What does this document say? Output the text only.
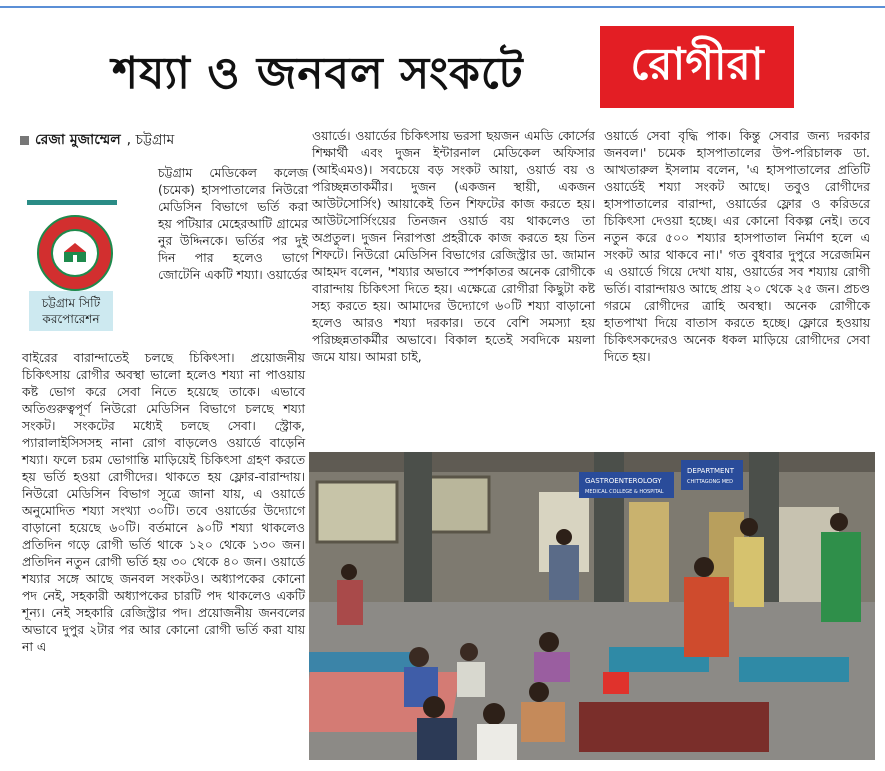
শয্যা ও জনবল সংকটে রোগীরা
রেজা মুজাম্মেল , চট্টগ্রাম
চট্টগ্রাম সিটি করপোরেশন

চট্টগ্রাম মেডিকেল কলেজ (চমেক) হাসপাতালের নিউরো মেডিসিন বিভাগে ভর্তি করা হয় পটিয়ার মেহেরআটি গ্রামের নুর উদ্দিনকে। ভর্তির পর দুই দিন পার হলেও ভাগে জোটেনি একটি শয্যা। ওয়ার্ডের

বাইরের বারান্দাতেই চলছে চিকিৎসা। প্রয়োজনীয় চিকিৎসায় রোগীর অবস্থা ভালো হলেও শয্যা না পাওয়ায় কষ্ট ভোগ করে সেবা নিতে হয়েছে তাকে। এভাবে অতিগুরুত্বপূর্ণ নিউরো মেডিসিন বিভাগে চলছে শয্যা সংকট। সংকটের মধ্যেই চলছে সেবা। স্ট্রোক, প্যারালাইসিসসহ নানা রোগ বাড়লেও ওয়ার্ডে বাড়েনি শয্যা। ফলে চরম ভোগান্তি মাড়িয়েই চিকিৎসা গ্রহণ করতে হয় ভর্তি হওয়া রোগীদের। থাকতে হয় ফ্লোর-বারান্দায়। নিউরো মেডিসিন বিভাগ সূত্রে জানা যায়, এ ওয়ার্ডে অনুমোদিত শয্যা সংখ্যা ৩০টি। তবে ওয়ার্ডের উদ্যোগে বাড়ানো হয়েছে ৬০টি। বর্তমানে ৯০টি শয্যা থাকলেও প্রতিদিন গড়ে রোগী ভর্তি থাকে ১২০ থেকে ১৩০ জন। প্রতিদিন নতুন রোগী ভর্তি হয় ৩০ থেকে ৪০ জন। ওয়ার্ডে শয্যার সঙ্গে আছে জনবল সংকটও। অধ্যাপকের কোনো পদ নেই, সহকারী অধ্যাপকের চারটি পদ থাকলেও একটি শূন্য। নেই সহকারি রেজিস্ট্রার পদ। প্রয়োজনীয় জনবলের অভাবে দুপুর ২টার পর আর কোনো রোগী ভর্তি করা যায় না এ

ওয়ার্ডে। ওয়ার্ডের চিকিৎসায় ভরসা ছয়জন এমডি কোর্সের শিক্ষার্থী এবং দুজন ইন্টারনাল মেডিকেল অফিসার (আইএমও)। সবচেয়ে বড় সংকট আয়া, ওয়ার্ড বয় ও পরিচ্ছন্নতাকর্মীর। দুজন (একজন স্থায়ী, একজন আউটসোর্সিং) আয়াকেই তিন শিফটের কাজ করতে হয়। আউটসোর্সিংয়ের তিনজন ওয়ার্ড বয় থাকলেও তা অপ্রতুল। দুজন নিরাপত্তা প্রহরীকে কাজ করতে হয় তিন শিফটে। নিউরো মেডিসিন বিভাগের রেজিস্ট্রার ডা. জামান আহমদ বলেন, 'শয্যার অভাবে স্পর্শকাতর অনেক রোগীকে বারান্দায় চিকিৎসা দিতে হয়। এক্ষেত্রে রোগীরা কিছুটা কষ্ট সহ্য করতে হয়। আমাদের উদ্যোগে ৬০টি শয্যা বাড়ানো হলেও আরও শয্যা দরকার। তবে বেশি সমস্যা হয় পরিচ্ছন্নতাকর্মীর অভাবে। বিকাল হতেই সবদিকে ময়লা জমে যায়। আমরা চাই,

ওয়ার্ডে সেবা বৃদ্ধি পাক। কিন্তু সেবার জন্য দরকার জনবল।' চমেক হাসপাতালের উপ-পরিচালক ডা. আখতারুল ইসলাম বলেন, 'এ হাসপাতালের প্রতিটি ওয়ার্ডেই শয্যা সংকট আছে। তবুও রোগীদের হাসপাতালের বারান্দা, ওয়ার্ডের ফ্লোর ও করিডরে চিকিৎসা দেওয়া হচ্ছে। এর কোনো বিকল্প নেই। তবে নতুন করে ৫০০ শয্যার হাসপাতাল নির্মাণ হলে এ সংকট আর থাকবে না।' গত বুধবার দুপুরে সরেজমিন এ ওয়ার্ডে গিয়ে দেখা যায়, ওয়ার্ডের সব শয্যায় রোগী ভর্তি। বারান্দায়ও আছে প্রায় ২০ থেকে ২৫ জন। প্রচণ্ড গরমে রোগীদের ত্রাহি অবস্থা। অনেক রোগীকে হাতপাখা দিয়ে বাতাস করতে হচ্ছে। ফ্লোরে হওয়ায় চিকিৎসকদেরও অনেক ধকল মাড়িয়ে রোগীদের সেবা দিতে হয়।

GASTROENTEROLOGY
MEDICAL COLLEGE & HOSPITAL
DEPARTMENT
CHITTAGONG MED
